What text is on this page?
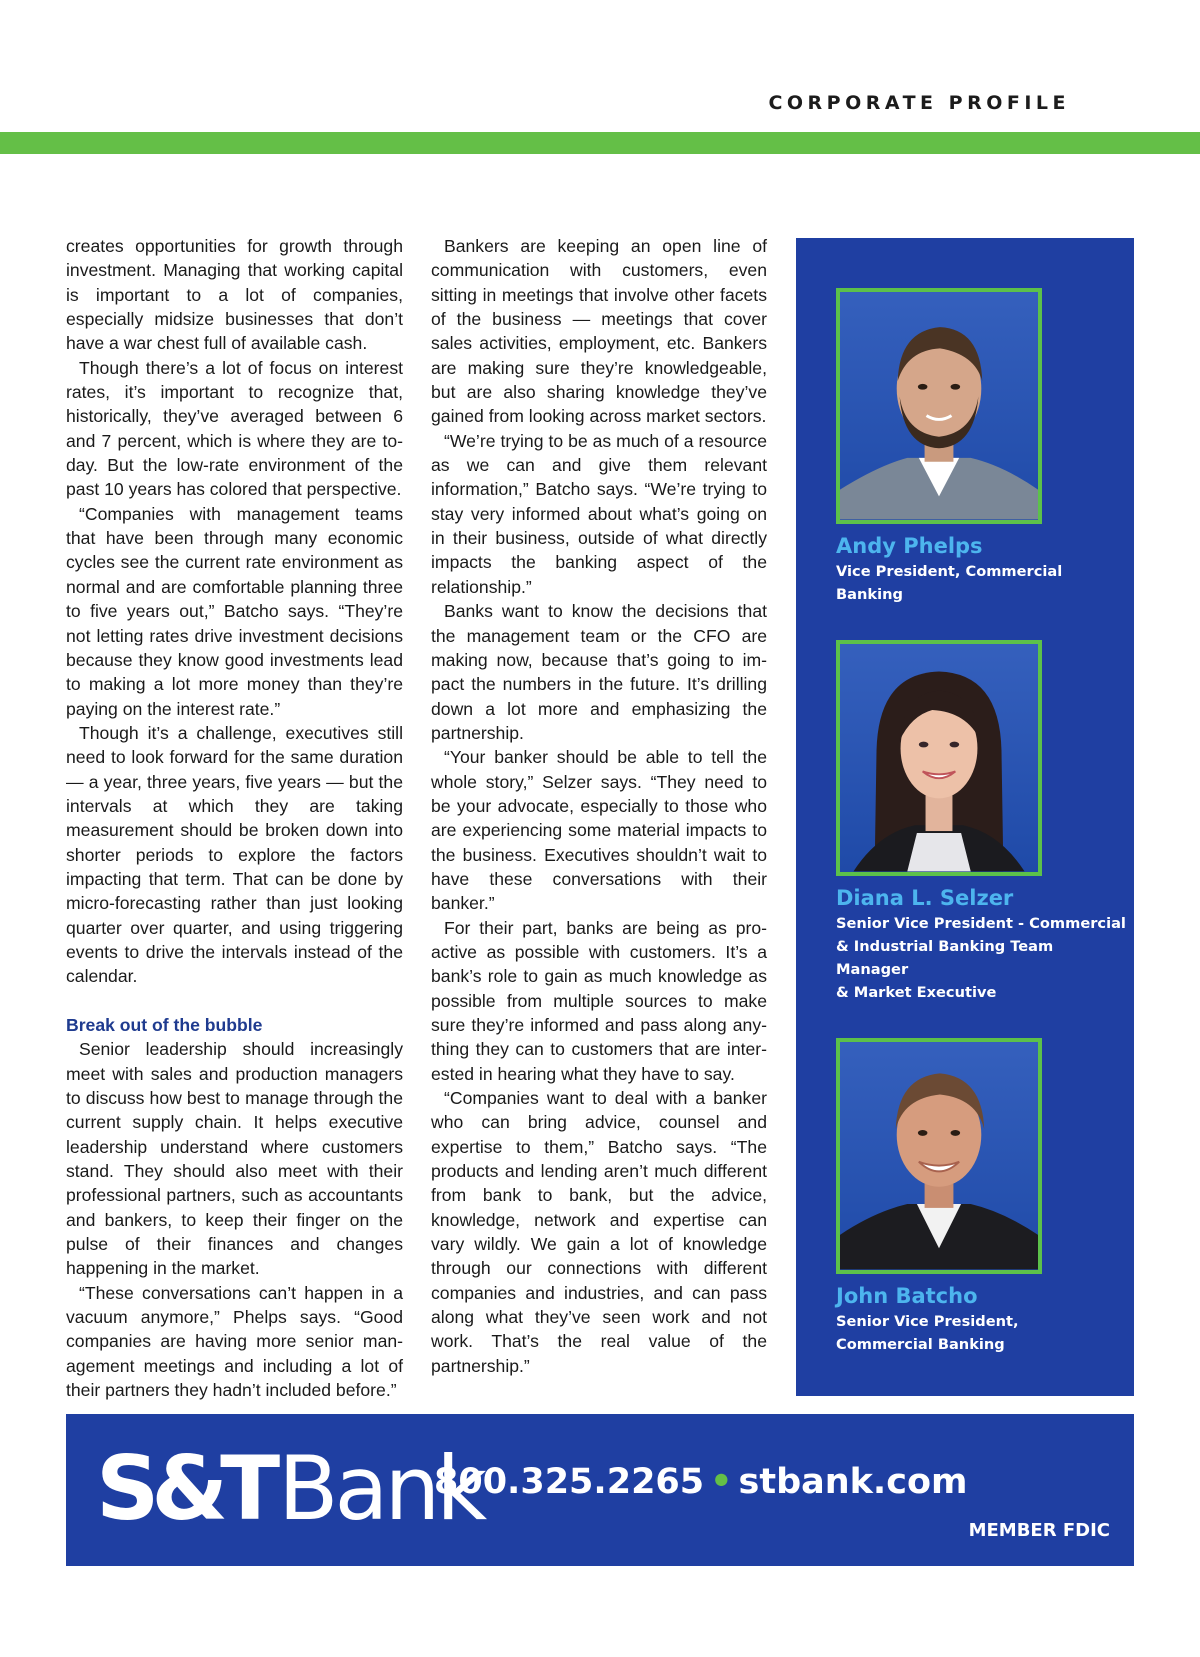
CORPORATE PROFILE

creates opportunities for growth through investment. Managing that working capital is important to a lot of companies, especially midsize businesses that don’t have a war chest full of available cash.

Though there’s a lot of focus on interest rates, it’s important to recognize that, historically, they’ve averaged between 6 and 7 percent, which is where they are today. But the low-rate environment of the past 10 years has colored that perspective.

“Companies with management teams that have been through many economic cycles see the current rate environment as normal and are comfortable planning three to five years out,” Batcho says. “They’re not letting rates drive investment decisions because they know good investments lead to making a lot more money than they’re paying on the interest rate.”

Though it’s a challenge, executives still need to look forward for the same duration — a year, three years, five years — but the intervals at which they are taking measurement should be broken down into shorter periods to explore the factors impacting that term. That can be done by micro-forecasting rather than just looking quarter over quarter, and using triggering events to drive the intervals instead of the calendar.

Break out of the bubble

Senior leadership should increasingly meet with sales and production managers to discuss how best to manage through the current supply chain. It helps executive leadership understand where customers stand. They should also meet with their professional partners, such as accountants and bankers, to keep their finger on the pulse of their finances and changes happening in the market.

“These conversations can’t happen in a vacuum anymore,” Phelps says. “Good companies are having more senior management meetings and including a lot of their partners they hadn’t included before.”

Bankers are keeping an open line of communication with customers, even sitting in meetings that involve other facets of the business — meetings that cover sales activities, employment, etc. Bankers are making sure they’re knowledgeable, but are also sharing knowledge they’ve gained from looking across market sectors.

“We’re trying to be as much of a resource as we can and give them relevant information,” Batcho says. “We’re trying to stay very informed about what’s going on in their business, outside of what directly impacts the banking aspect of the relationship.”

Banks want to know the decisions that the management team or the CFO are making now, because that’s going to impact the numbers in the future. It’s drilling down a lot more and emphasizing the partnership.

“Your banker should be able to tell the whole story,” Selzer says. “They need to be your advocate, especially to those who are experiencing some material impacts to the business. Executives shouldn’t wait to have these conversations with their banker.”

For their part, banks are being as proactive as possible with customers. It’s a bank’s role to gain as much knowledge as possible from multiple sources to make sure they’re informed and pass along anything they can to customers that are interested in hearing what they have to say.

“Companies want to deal with a banker who can bring advice, counsel and expertise to them,” Batcho says. “The products and lending aren’t much different from bank to bank, but the advice, knowledge, network and expertise can vary wildly. We gain a lot of knowledge through our connections with different companies and industries, and can pass along what they’ve seen work and not work. That’s the real value of the partnership.”

Andy Phelps
Vice President, Commercial Banking
Diana L. Selzer
Senior Vice President - Commercial
& Industrial Banking Team Manager
& Market Executive
John Batcho
Senior Vice President,
Commercial Banking
S&TBank
800.325.2265 • stbank.com
MEMBER FDIC
